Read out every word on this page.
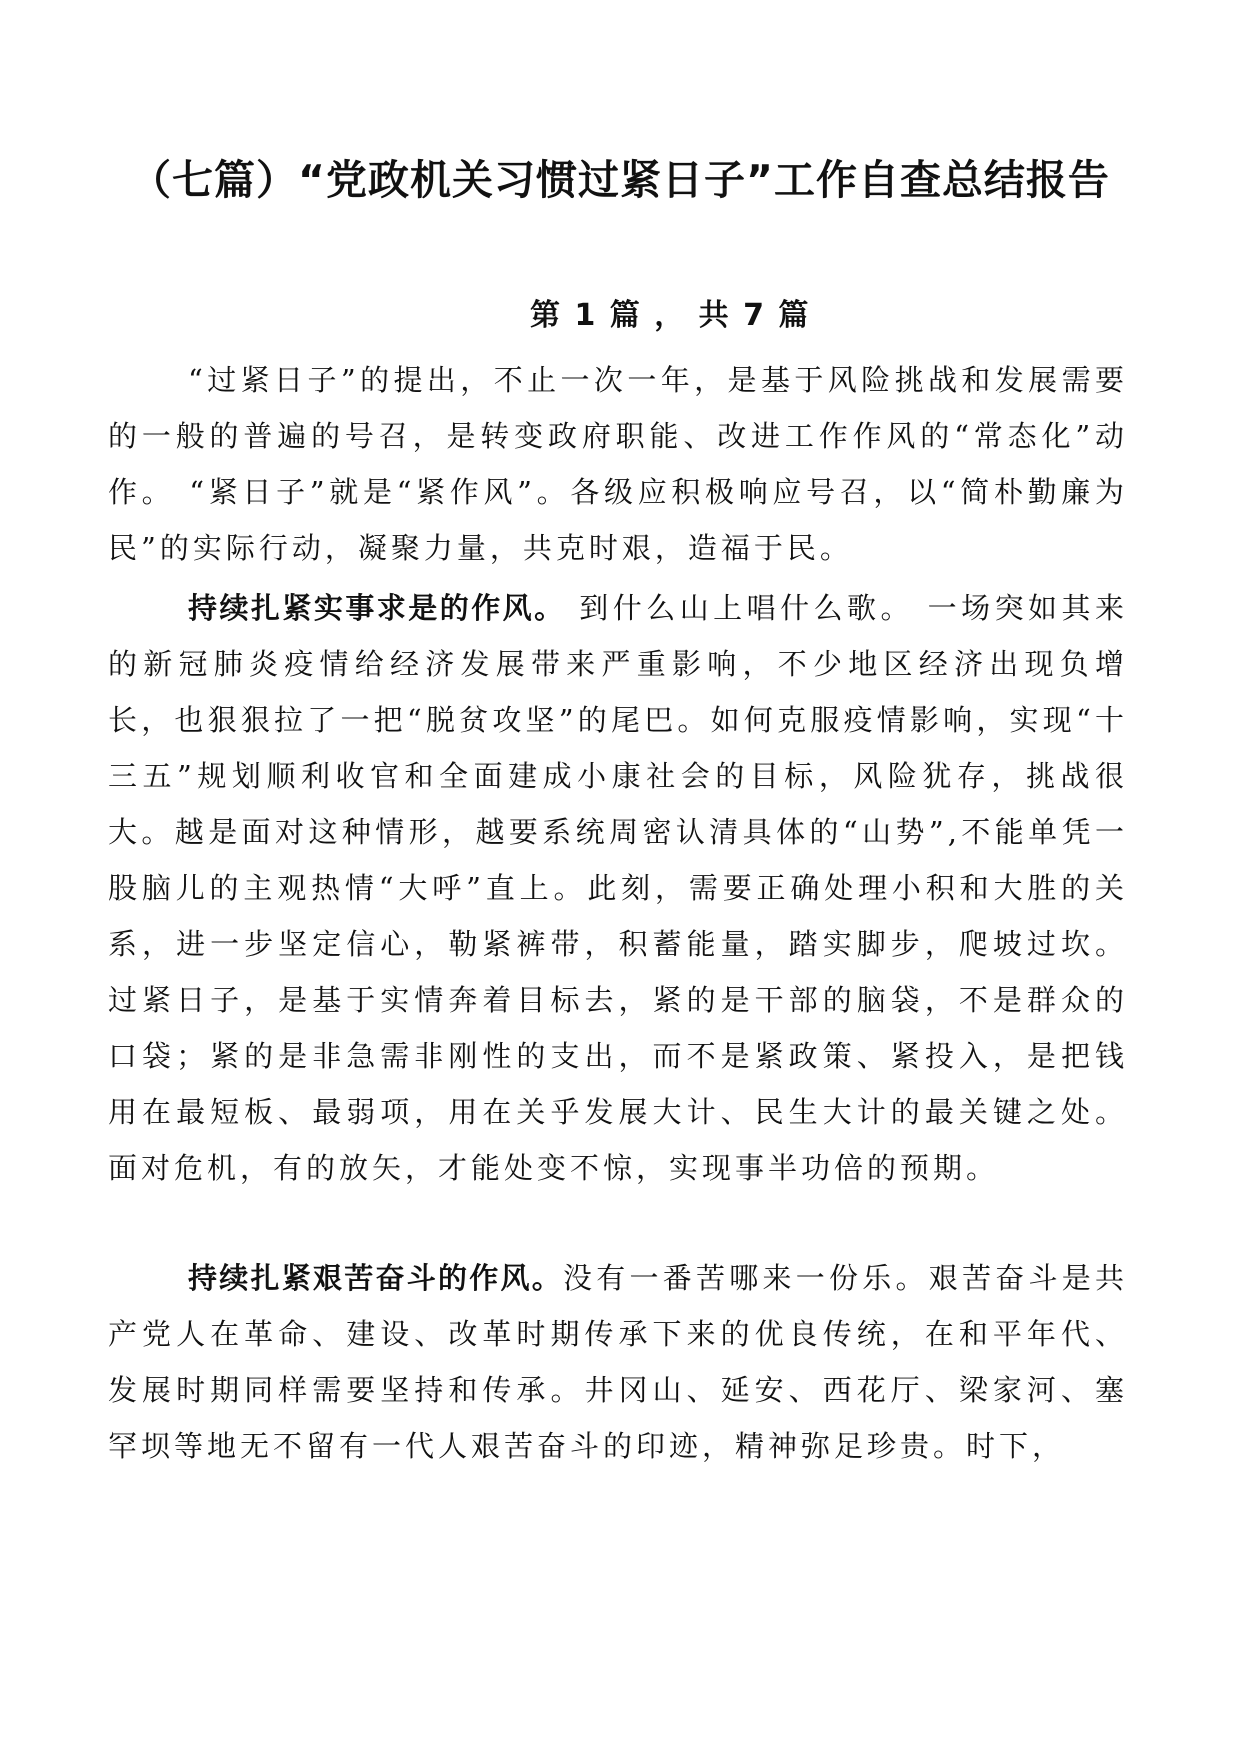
（七篇）“党政机关习惯过紧日子”工作自查总结报告
第 1 篇 ， 共 7 篇

“过紧日子”的提出，不止一次一年，是基于风险挑战和发展需要的一般的普遍的号召，是转变政府职能、改进工作作风的“常态化”动作。 “紧日子”就是“紧作风”。各级应积极响应号召，以“简朴勤廉为民”的实际行动，凝聚力量，共克时艰，造福于民。

持续扎紧实事求是的作风。 到什么山上唱什么歌。 一场突如其来的新冠肺炎疫情给经济发展带来严重影响，不少地区经济出现负增长，也狠狠拉了一把“脱贫攻坚”的尾巴。如何克服疫情影响，实现“十三五”规划顺利收官和全面建成小康社会的目标，风险犹存，挑战很大。越是面对这种情形，越要系统周密认清具体的“山势”,不能单凭一股脑儿的主观热情“大呼”直上。此刻，需要正确处理小积和大胜的关系，进一步坚定信心，勒紧裤带，积蓄能量，踏实脚步，爬坡过坎。过紧日子，是基于实情奔着目标去，紧的是干部的脑袋，不是群众的口袋；紧的是非急需非刚性的支出，而不是紧政策、紧投入，是把钱用在最短板、最弱项，用在关乎发展大计、民生大计的最关键之处。面对危机，有的放矢，才能处变不惊，实现事半功倍的预期。

持续扎紧艰苦奋斗的作风。没有一番苦哪来一份乐。艰苦奋斗是共产党人在革命、建设、改革时期传承下来的优良传统，在和平年代、发展时期同样需要坚持和传承。井冈山、延安、西花厅、梁家河、塞罕坝等地无不留有一代人艰苦奋斗的印迹，精神弥足珍贵。时下，
